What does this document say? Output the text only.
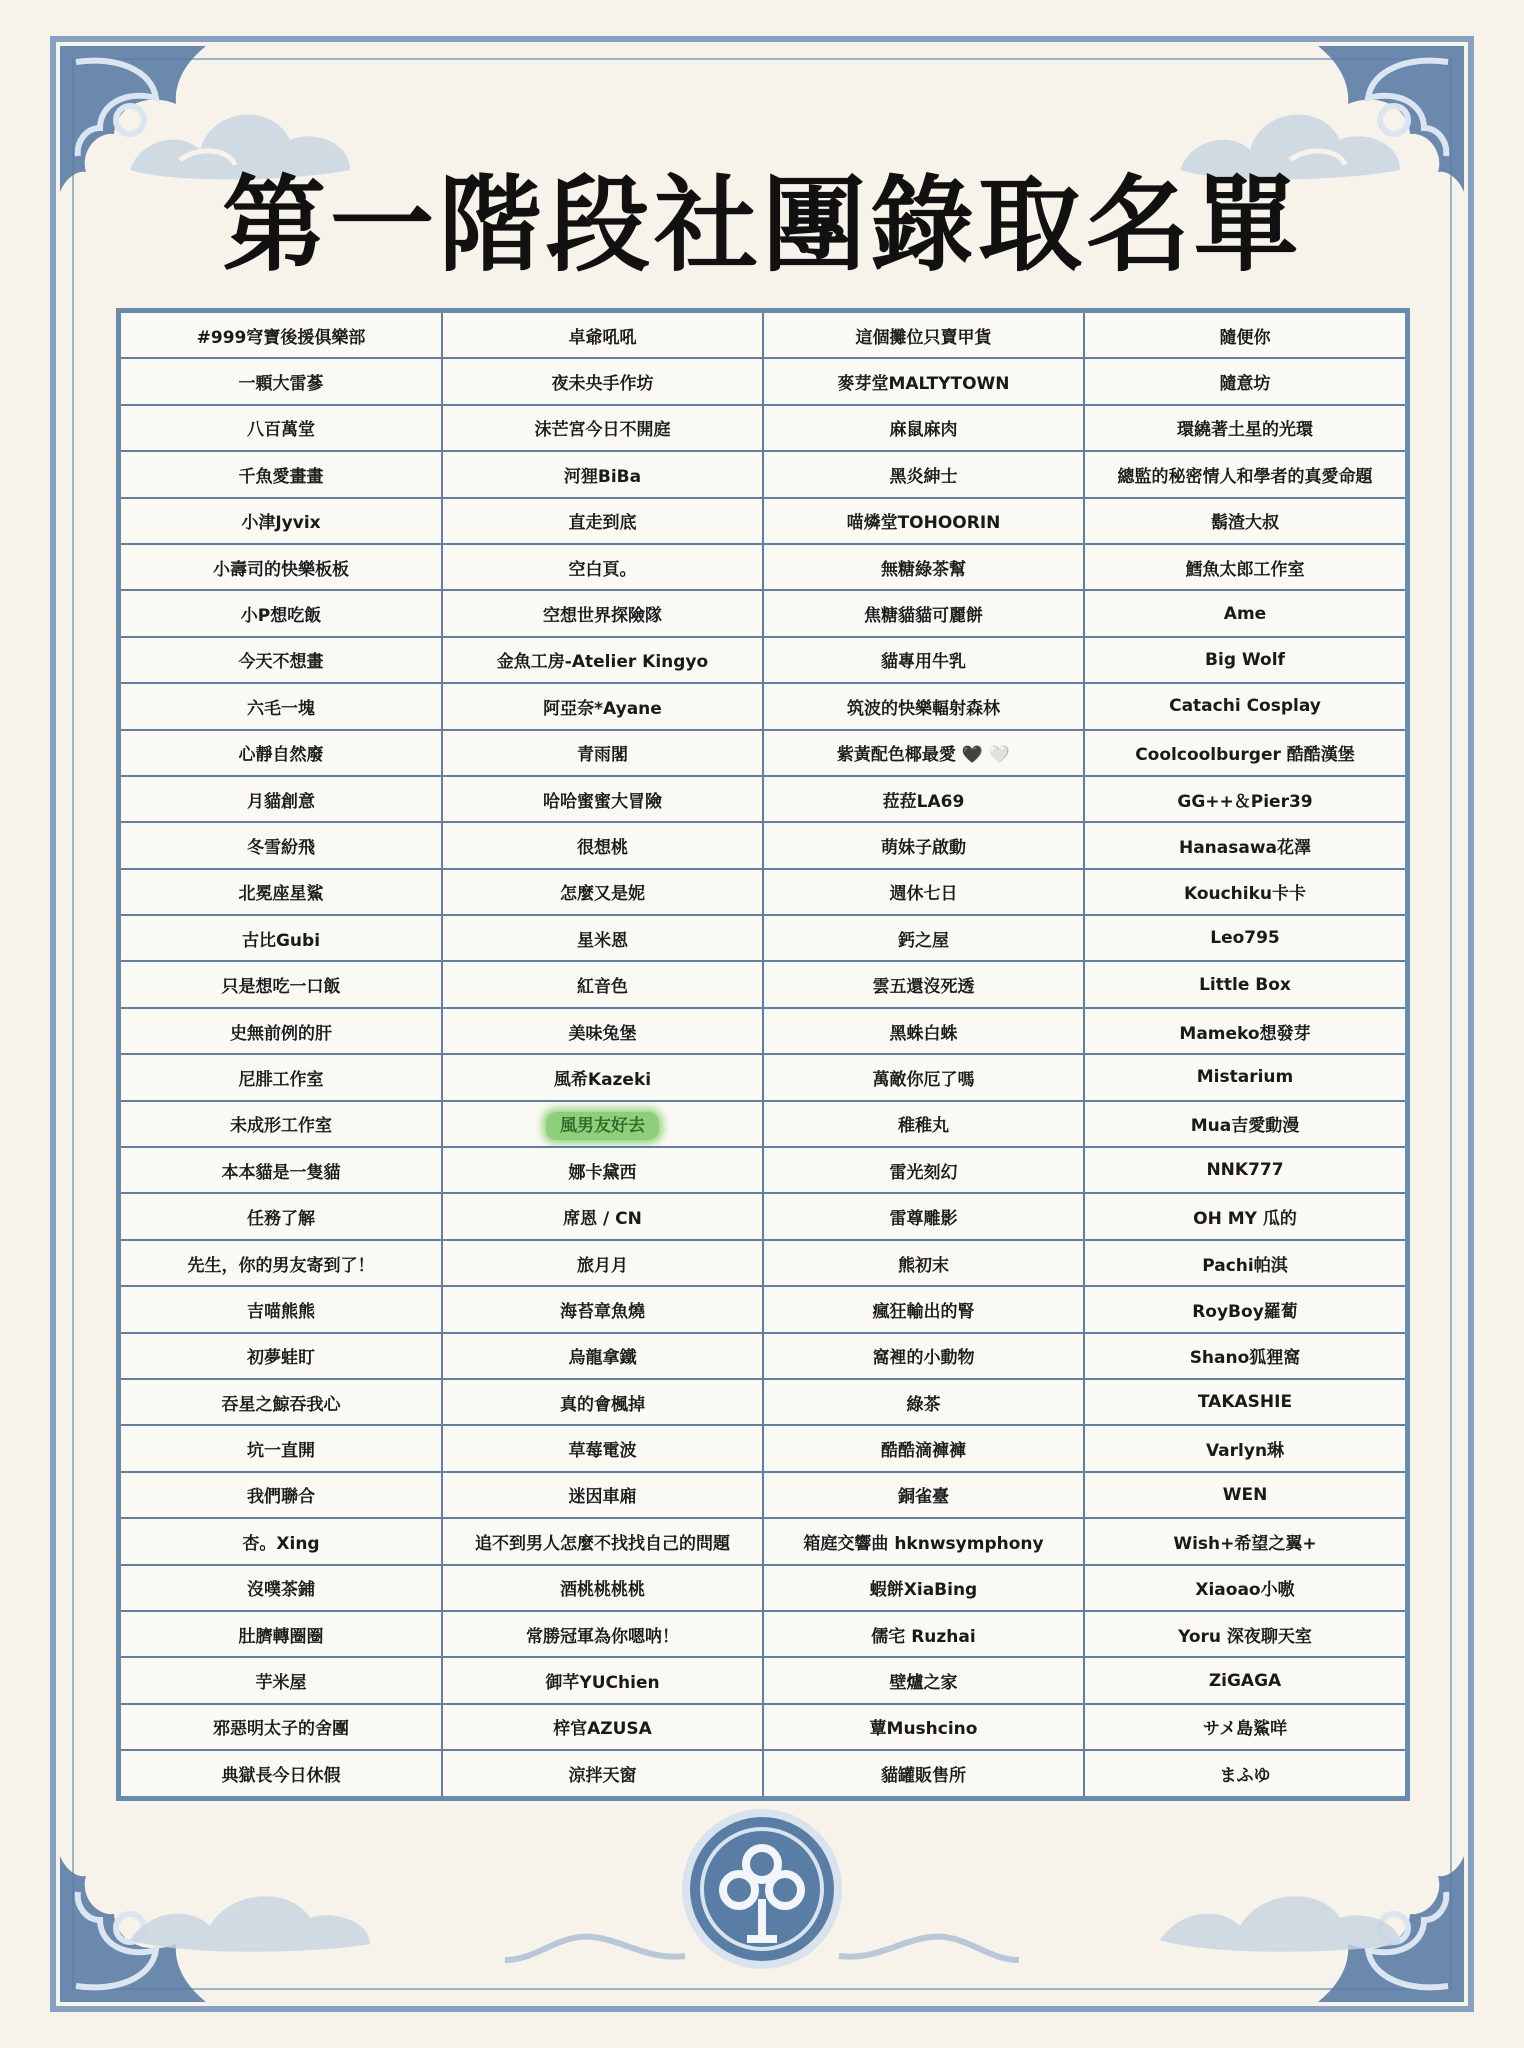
第一階段社團錄取名單
#999穹寶後援俱樂部	卓爺吼吼	這個攤位只賣甲貨	隨便你
一顆大雷蔘	夜未央手作坊	麥芽堂MALTYTOWN	隨意坊
八百萬堂	沫芒宮今日不開庭	麻鼠麻肉	環繞著土星的光環
千魚愛畫畫	河狸BiBa	黑炎紳士	總監的秘密情人和學者的真愛命題
小津Jyvix	直走到底	喵燐堂TOHOORIN	鬍渣大叔
小壽司的快樂板板	空白頁。	無糖綠茶幫	鱈魚太郎工作室
小P想吃飯	空想世界探險隊	焦糖貓貓可麗餅	Ame
今天不想畫	金魚工房-Atelier Kingyo	貓專用牛乳	Big Wolf
六毛一塊	阿亞奈*Ayane	筑波的快樂輻射森林	Catachi Cosplay
心靜自然廢	青雨閣	紫黃配色椰最愛 🖤 🤍	Coolcoolburger 酷酷漢堡
月貓創意	哈哈蜜蜜大冒險	菈菈LA69	GG++＆Pier39
冬雪紛飛	很想桃	萌妹子啟動	Hanasawa花澤
北冕座星鯊	怎麼又是妮	週休七日	Kouchiku卡卡
古比Gubi	星米恩	鈣之屋	Leo795
只是想吃一口飯	紅音色	雲五還沒死透	Little Box
史無前例的肝	美味兔堡	黑蛛白蛛	Mameko想發芽
尼腓工作室	風希Kazeki	萬敵你厄了嗎	Mistarium
未成形工作室	風男友好去	稚稚丸	Mua吉愛動漫
本本貓是一隻貓	娜卡黛西	雷光刻幻	NNK777
任務了解	席恩 / CN	雷尊雕影	OH MY 瓜的
先生，你的男友寄到了！	旅月月	熊初末	Pachi帕淇
吉喵熊熊	海苔章魚燒	瘋狂輸出的腎	RoyBoy羅蔔
初夢蛙盯	烏龍拿鐵	窩裡的小動物	Shano狐狸窩
吞星之鯨吞我心	真的會楓掉	綠茶	TAKASHIE
坑一直開	草莓電波	酷酷滴褲褲	Varlyn琳
我們聯合	迷因車廂	銅雀臺	WEN
杏。Xing	追不到男人怎麼不找找自己的問題	箱庭交響曲 hknwsymphony	Wish+希望之翼+
沒噗茶鋪	酒桃桃桃桃	蝦餅XiaBing	Xiaoao小嗷
肚臍轉圈圈	常勝冠軍為你嗯呐！	儒宅 Ruzhai	Yoru 深夜聊天室
芋米屋	御芊YUChien	壁爐之家	ZiGAGA
邪惡明太子的舍團	梓官AZUSA	蕈Mushcino	サメ島鯊咩
典獄長今日休假	涼拌天窗	貓罐販售所	まふゆ
